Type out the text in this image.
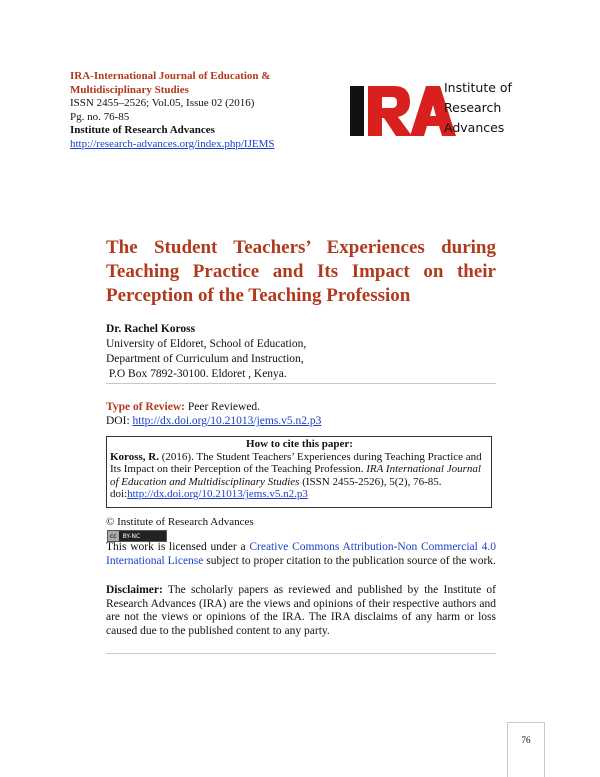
IRA-International Journal of Education &
Multidisciplinary Studies
ISSN 2455–2526; Vol.05, Issue 02 (2016)
Pg. no. 76-85
Institute of Research Advances
http://research-advances.org/index.php/IJEMS
Institute of
Research
Advances
The Student Teachers’ Experiences during Teaching Practice and Its Impact on their Perception of the Teaching Profession
Dr. Rachel Koross
University of Eldoret, School of Education,
Department of Curriculum and Instruction,
P.O Box 7892-30100. Eldoret , Kenya.
Type of Review: Peer Reviewed.
DOI: http://dx.doi.org/10.21013/jems.v5.n2.p3
How to cite this paper:
Koross, R. (2016). The Student Teachers’ Experiences during Teaching Practice and Its Impact on their Perception of the Teaching Profession. IRA International Journal of Education and Multidisciplinary Studies (ISSN 2455-2526), 5(2), 76-85.
doi:http://dx.doi.org/10.21013/jems.v5.n2.p3
© Institute of Research Advances
cc	BY-NC
This work is licensed under a Creative Commons Attribution-Non Commercial 4.0 International License subject to proper citation to the publication source of the work.
Disclaimer: The scholarly papers as reviewed and published by the Institute of Research Advances (IRA) are the views and opinions of their respective authors and are not the views or opinions of the IRA. The IRA disclaims of any harm or loss caused due to the published content to any party.
76
